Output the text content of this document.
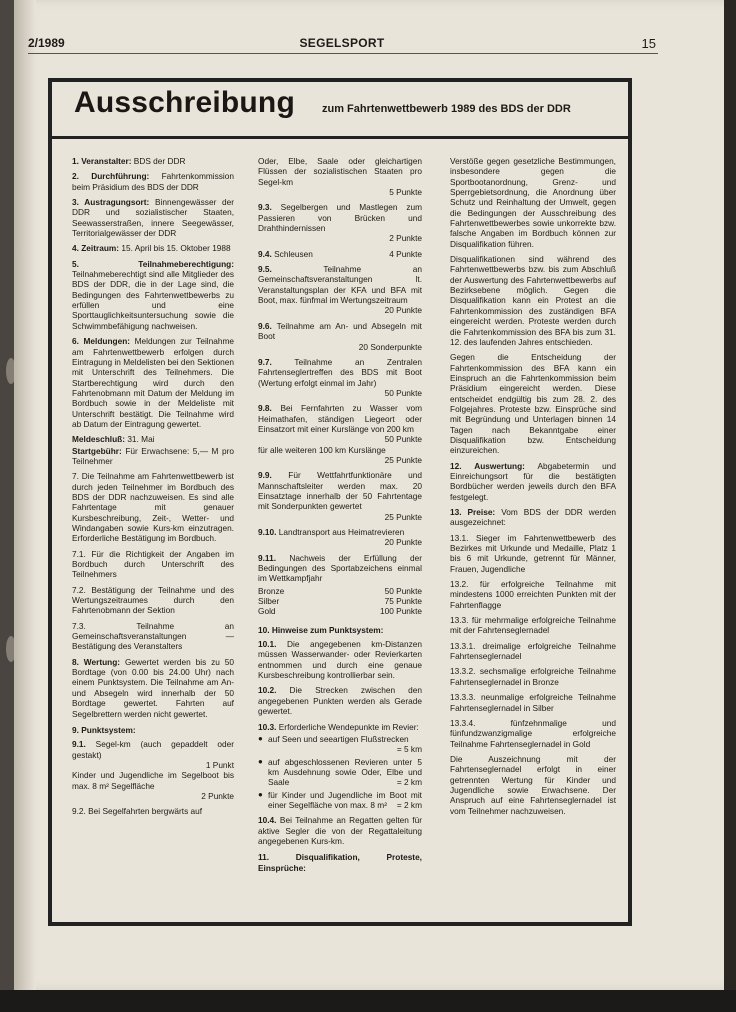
2/1989	SEGELSPORT	15
Ausschreibung zum Fahrtenwettbewerb 1989 des BDS der DDR

1. Veranstalter: BDS der DDR

2. Durchführung: Fahrtenkommission beim Präsidium des BDS der DDR

3. Austragungsort: Binnengewässer der DDR und sozialistischer Staaten, Seewasserstraßen, innere Seegewässer, Territorialgewässer der DDR

4. Zeitraum: 15. April bis 15. Oktober 1988

5. Teilnahmeberechtigung: Teilnahmeberechtigt sind alle Mitglieder des BDS der DDR, die in der Lage sind, die Bedingungen des Fahrtenwettbewerbs zu erfüllen und eine Sporttauglichkeitsuntersuchung sowie die Schwimmbefähigung nachweisen.

6. Meldungen: Meldungen zur Teilnahme am Fahrtenwettbewerb erfolgen durch Eintragung in Meldelisten bei den Sektionen mit Unterschrift des Teilnehmers. Die Startberechtigung wird durch den Fahrtenobmann mit Datum der Meldung im Bordbuch sowie in der Meldeliste mit Unterschrift bestätigt. Die Teilnahme wird ab Datum der Eintragung gewertet.

Meldeschluß: 31. Mai

Startgebühr: Für Erwachsene: 5,— M pro Teilnehmer

7. Die Teilnahme am Fahrtenwettbewerb ist durch jeden Teilnehmer im Bordbuch des BDS der DDR nachzuweisen. Es sind alle Fahrtentage mit genauer Kursbeschreibung, Zeit-, Wetter- und Windangaben sowie Kurs-km einzutragen. Erforderliche Bestätigung im Bordbuch.

7.1. Für die Richtigkeit der Angaben im Bordbuch durch Unterschrift des Teilnehmers

7.2. Bestätigung der Teilnahme und des Wertungszeitraumes durch den Fahrtenobmann der Sektion

7.3. Teilnahme an Gemeinschaftsveranstaltungen — Bestätigung des Veranstalters

8. Wertung: Gewertet werden bis zu 50 Bordtage (von 0.00 bis 24.00 Uhr) nach einem Punktsystem. Die Teilnahme am An- und Absegeln wird innerhalb der 50 Bordtage gewertet. Fahrten auf Segelbrettern werden nicht gewertet.

9. Punktsystem:

9.1. Segel-km (auch gepaddelt oder gestakt)

1 Punkt

Kinder und Jugendliche im Segelboot bis max. 8 m² Segelfläche

2 Punkte

9.2. Bei Segelfahrten bergwärts auf

Oder, Elbe, Saale oder gleichartigen Flüssen der sozialistischen Staaten pro Segel-km

5 Punkte

9.3. Segelbergen und Mastlegen zum Passieren von Brücken und Drahthindernissen

2 Punkte
9.4. Schleusen	4 Punkte

9.5. Teilnahme an Gemeinschaftsveranstaltungen lt. Veranstaltungsplan der KFA und BFA mit Boot, max. fünfmal im Wertungszeitraum

20 Punkte

9.6. Teilnahme am An- und Absegeln mit Boot

20 Sonderpunkte

9.7. Teilnahme an Zentralen Fahrtenseglertreffen des BDS mit Boot (Wertung erfolgt einmal im Jahr)

50 Punkte

9.8. Bei Fernfahrten zu Wasser vom Heimathafen, ständigen Liegeort oder Einsatzort mit einer Kurslänge von 200 km

50 Punkte

für alle weiteren 100 km Kurslänge

25 Punkte

9.9. Für Wettfahrtfunktionäre und Mannschaftsleiter werden max. 20 Einsatztage innerhalb der 50 Fahrtentage mit Sonderpunkten gewertet

25 Punkte

9.10. Landtransport aus Heimatrevieren

20 Punkte

9.11. Nachweis der Erfüllung der Bedingungen des Sportabzeichens einmal im Wettkampfjahr

Bronze	50 Punkte
Silber	75 Punkte
Gold	100 Punkte

10. Hinweise zum Punktsystem:

10.1. Die angegebenen km-Distanzen müssen Wasserwander- oder Revierkarten entnommen und durch eine genaue Kursbeschreibung kontrollierbar sein.

10.2. Die Strecken zwischen den angegebenen Punkten werden als Gerade gewertet.

10.3. Erforderliche Wendepunkte im Revier:

● auf Seen und seeartigen Flußstrecken
= 5 km
● auf abgeschlossenen Revieren unter 5 km Ausdehnung sowie Oder, Elbe und Saale	= 2 km
● für Kinder und Jugendliche im Boot mit einer Segelfläche von max. 8 m² = 2 km

10.4. Bei Teilnahme an Regatten gelten für aktive Segler die von der Regattaleitung angegebenen Kurs-km.

11. Disqualifikation, Proteste, Einsprüche:

Verstöße gegen gesetzliche Bestimmungen, insbesondere gegen die Sportbootanordnung, Grenz- und Sperrgebietsordnung, die Anordnung über Schutz und Reinhaltung der Umwelt, gegen die Bedingungen der Ausschreibung des Fahrtenwettbewerbes sowie unkorrekte bzw. falsche Angaben im Bordbuch können zur Disqualifikation führen.

Disqualifikationen sind während des Fahrtenwettbewerbs bzw. bis zum Abschluß der Auswertung des Fahrtenwettbewerbs auf Bezirksebene möglich. Gegen die Disqualifikation kann ein Protest an die Fahrtenkommission des zuständigen BFA eingereicht werden. Proteste werden durch die Fahrtenkommission des BFA bis zum 31. 12. des laufenden Jahres entschieden.

Gegen die Entscheidung der Fahrtenkommission des BFA kann ein Einspruch an die Fahrtenkommission beim Präsidium eingereicht werden. Diese entscheidet endgültig bis zum 28. 2. des Folgejahres. Proteste bzw. Einsprüche sind mit Begründung und Unterlagen binnen 14 Tagen nach Bekanntgabe einer Disqualifikation bzw. Entscheidung einzureichen.

12. Auswertung: Abgabetermin und Einreichungsort für die bestätigten Bordbücher werden jeweils durch den BFA festgelegt.

13. Preise: Vom BDS der DDR werden ausgezeichnet:

13.1. Sieger im Fahrtenwettbewerb des Bezirkes mit Urkunde und Medaille, Platz 1 bis 6 mit Urkunde, getrennt für Männer, Frauen, Jugendliche

13.2. für erfolgreiche Teilnahme mit mindestens 1000 erreichten Punkten mit der Fahrtenflagge

13.3. für mehrmalige erfolgreiche Teilnahme mit der Fahrtenseglernadel

13.3.1. dreimalige erfolgreiche Teilnahme Fahrtenseglernadel

13.3.2. sechsmalige erfolgreiche Teilnahme Fahrtenseglernadel in Bronze

13.3.3. neunmalige erfolgreiche Teilnahme Fahrtenseglernadel in Silber

13.3.4. fünfzehnmalige und fünfundzwanzigmalige erfolgreiche Teilnahme Fahrtenseglernadel in Gold

Die Auszeichnung mit der Fahrtenseglernadel erfolgt in einer getrennten Wertung für Kinder und Jugendliche sowie Erwachsene. Der Anspruch auf eine Fahrtenseglernadel ist vom Teilnehmer nachzuweisen.
